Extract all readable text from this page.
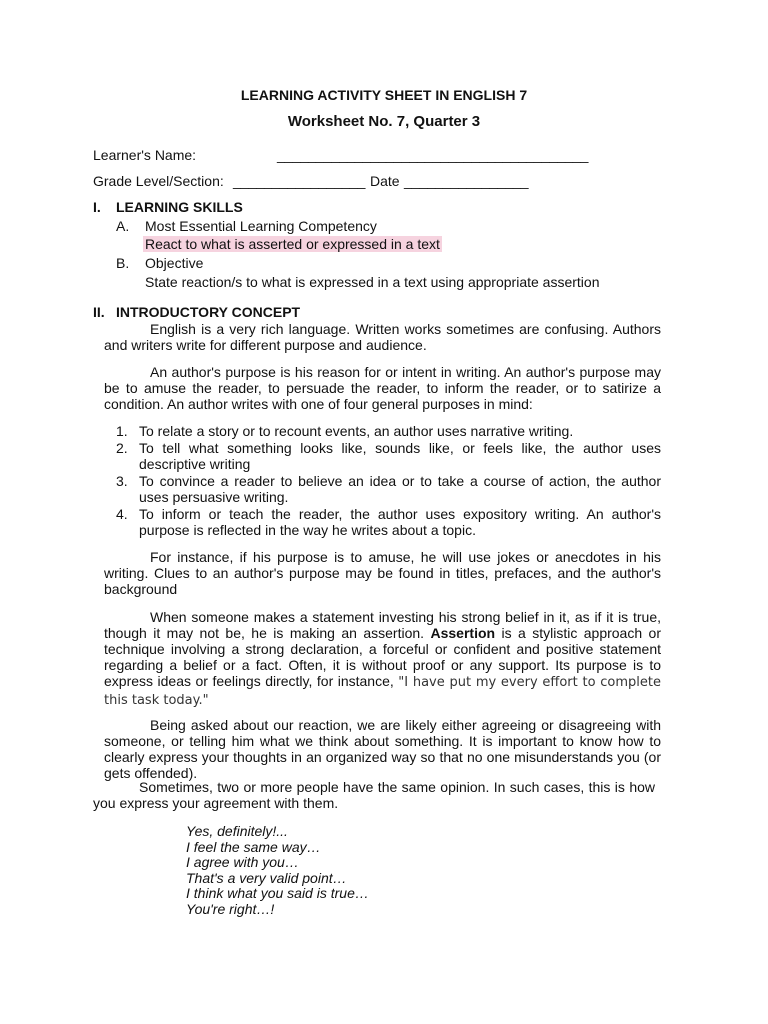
LEARNING ACTIVITY SHEET IN ENGLISH 7
Worksheet No. 7, Quarter 3
Learner's Name:	________________________________________
Grade Level/Section: _________________ Date ________________
I. LEARNING SKILLS
A. Most Essential Learning Competency
React to what is asserted or expressed in a text
B. Objective
State reaction/s to what is expressed in a text using appropriate assertion
II. INTRODUCTORY CONCEPT
English is a very rich language. Written works sometimes are confusing. Authors and writers write for different purpose and audience.
An author's purpose is his reason for or intent in writing. An author's purpose may be to amuse the reader, to persuade the reader, to inform the reader, or to satirize a condition. An author writes with one of four general purposes in mind:
1. To relate a story or to recount events, an author uses narrative writing.
2. To tell what something looks like, sounds like, or feels like, the author uses descriptive writing
3. To convince a reader to believe an idea or to take a course of action, the author uses persuasive writing.
4. To inform or teach the reader, the author uses expository writing. An author's purpose is reflected in the way he writes about a topic.
For instance, if his purpose is to amuse, he will use jokes or anecdotes in his writing. Clues to an author's purpose may be found in titles, prefaces, and the author's background
When someone makes a statement investing his strong belief in it, as if it is true, though it may not be, he is making an assertion. Assertion is a stylistic approach or technique involving a strong declaration, a forceful or confident and positive statement regarding a belief or a fact. Often, it is without proof or any support. Its purpose is to express ideas or feelings directly, for instance, "I have put my every effort to complete this task today."
Being asked about our reaction, we are likely either agreeing or disagreeing with someone, or telling him what we think about something. It is important to know how to clearly express your thoughts in an organized way so that no one misunderstands you (or gets offended).
Sometimes, two or more people have the same opinion. In such cases, this is how you express your agreement with them.
Yes, definitely!...
I feel the same way…
I agree with you…
That's a very valid point…
I think what you said is true…
You're right…!
